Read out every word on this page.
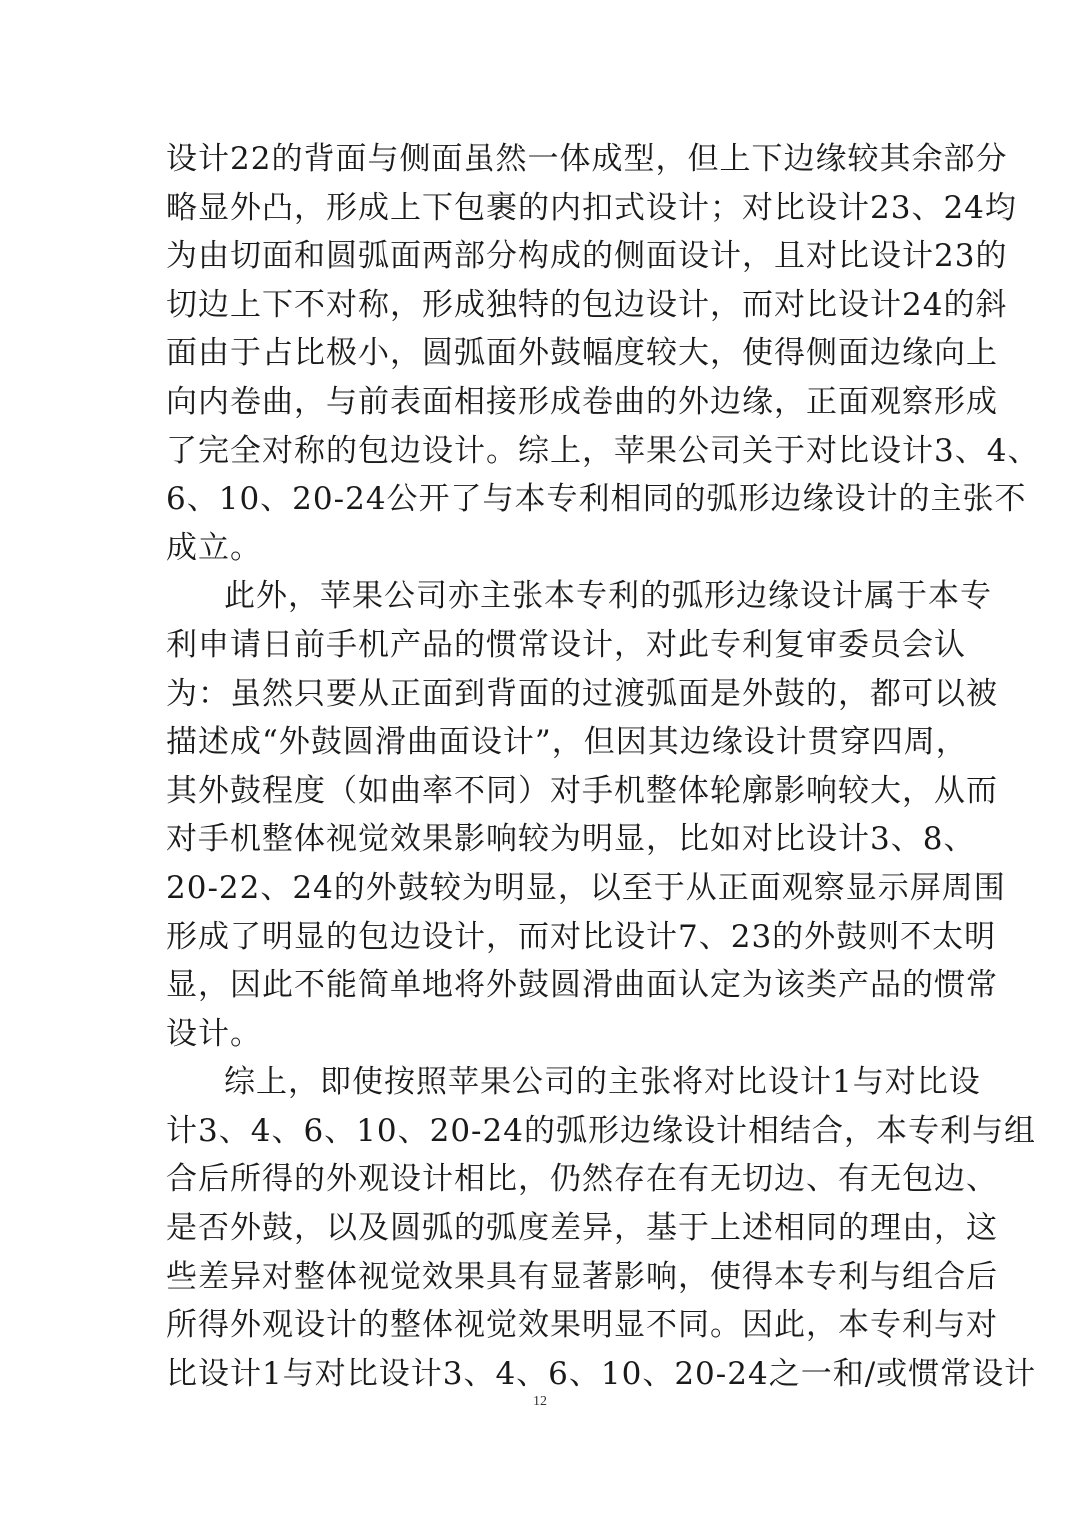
设计22的背面与侧面虽然一体成型，但上下边缘较其余部分
略显外凸，形成上下包裹的内扣式设计；对比设计23、24均
为由切面和圆弧面两部分构成的侧面设计，且对比设计23的
切边上下不对称，形成独特的包边设计，而对比设计24的斜
面由于占比极小，圆弧面外鼓幅度较大，使得侧面边缘向上
向内卷曲，与前表面相接形成卷曲的外边缘，正面观察形成
了完全对称的包边设计。综上，苹果公司关于对比设计3、4、
6、10、20-24公开了与本专利相同的弧形边缘设计的主张不
成立。
此外，苹果公司亦主张本专利的弧形边缘设计属于本专
利申请日前手机产品的惯常设计，对此专利复审委员会认
为：虽然只要从正面到背面的过渡弧面是外鼓的，都可以被
描述成“外鼓圆滑曲面设计”，但因其边缘设计贯穿四周，
其外鼓程度（如曲率不同）对手机整体轮廓影响较大，从而
对手机整体视觉效果影响较为明显，比如对比设计3、8、
20-22、24的外鼓较为明显，以至于从正面观察显示屏周围
形成了明显的包边设计，而对比设计7、23的外鼓则不太明
显，因此不能简单地将外鼓圆滑曲面认定为该类产品的惯常
设计。
综上，即使按照苹果公司的主张将对比设计1与对比设
计3、4、6、10、20-24的弧形边缘设计相结合，本专利与组
合后所得的外观设计相比，仍然存在有无切边、有无包边、
是否外鼓，以及圆弧的弧度差异，基于上述相同的理由，这
些差异对整体视觉效果具有显著影响，使得本专利与组合后
所得外观设计的整体视觉效果明显不同。因此，本专利与对
比设计1与对比设计3、4、6、10、20-24之一和/或惯常设计
12
